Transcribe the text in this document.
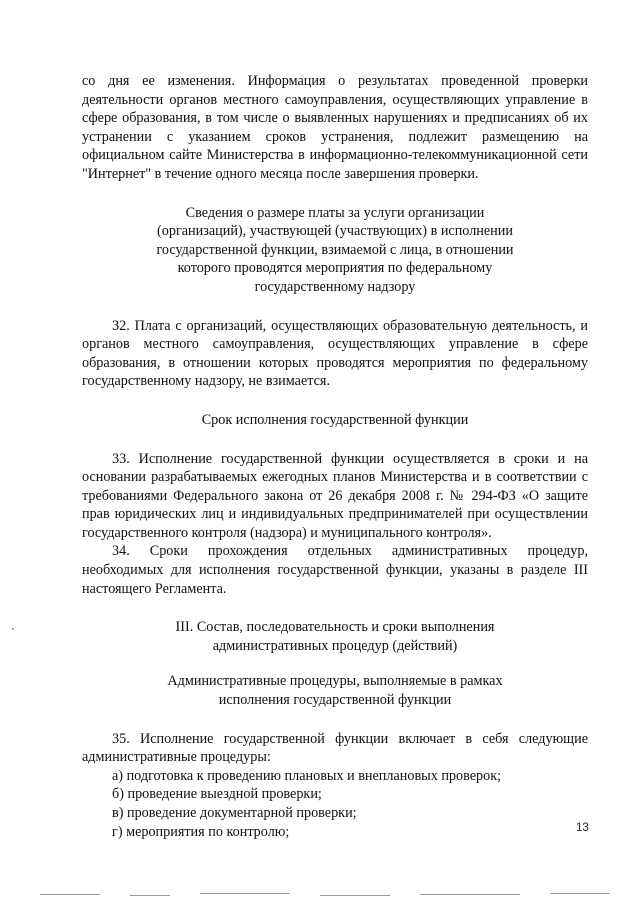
со дня ее изменения. Информация о результатах проведенной проверки деятельности органов местного самоуправления, осуществляющих управление в сфере образования, в том числе о выявленных нарушениях и предписаниях об их устранении с указанием сроков устранения, подлежит размещению на официальном сайте Министерства в информационно-телекоммуникационной сети "Интернет" в течение одного месяца после завершения проверки.

Сведения о размере платы за услуги организации (организаций), участвующей (участвующих) в исполнении государственной функции, взимаемой с лица, в отношении которого проводятся мероприятия по федеральному государственному надзору

32. Плата с организаций, осуществляющих образовательную деятельность, и органов местного самоуправления, осуществляющих управление в сфере образования, в отношении которых проводятся мероприятия по федеральному государственному надзору, не взимается.

Срок исполнения государственной функции

33. Исполнение государственной функции осуществляется в сроки и на основании разрабатываемых ежегодных планов Министерства и в соответствии с требованиями Федерального закона от 26 декабря 2008 г. № 294-ФЗ «О защите прав юридических лиц и индивидуальных предпринимателей при осуществлении государственного контроля (надзора) и муниципального контроля».

34. Сроки прохождения отдельных административных процедур, необходимых для исполнения государственной функции, указаны в разделе III настоящего Регламента.

III. Состав, последовательность и сроки выполнения административных процедур (действий)

Административные процедуры, выполняемые в рамках исполнения государственной функции

35. Исполнение государственной функции включает в себя следующие административные процедуры:

а) подготовка к проведению плановых и внеплановых проверок;

б) проведение выездной проверки;

в) проведение документарной проверки;

г) мероприятия по контролю;	13
